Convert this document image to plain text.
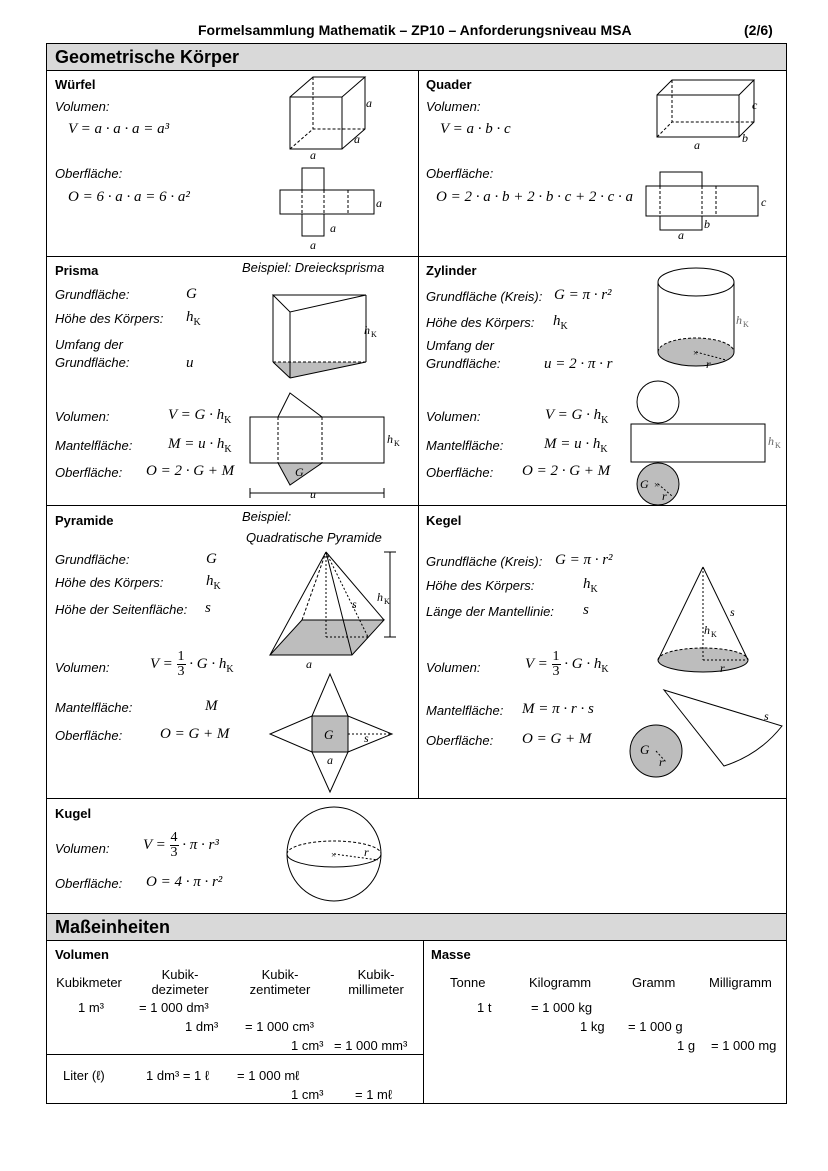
Formelsammlung Mathematik – ZP10 – Anforderungsniveau MSA	(2/6)
Geometrische Körper
Würfel
Volumen:
V = a · a · a = a³
Oberfläche:
O = 6 · a · a = 6 · a²
a
a
a
a
a
a
Quader
Volumen:
V = a · b · c
Oberfläche:
O = 2 · a · b + 2 · b · c + 2 · c · a
c
b
a
c
b
a
Prisma	Beispiel: Dreiecksprisma
Grundfläche:	G
Höhe des Körpers: $h_K$
Umfang der
Grundfläche:	u
Volumen:	$V = G \cdot h_K$
Mantelfläche: $M = u \cdot h_K$
Oberfläche: O = 2 · G + M
h K
h K
G
u
Zylinder
Grundfläche (Kreis): G = π · r²
Höhe des Körpers: $h_K$
Umfang der
Grundfläche:	u = 2 · π · r
Volumen:	$V = G \cdot h_K$
Mantelfläche:	$M = u \cdot h_K$
Oberfläche: O = 2 · G + M
×
r
h K
h K
G ×
r
Pyramide	Beispiel:
Quadratische Pyramide
Grundfläche:	G
Höhe des Körpers:	$h_K$
Höhe der Seitenfläche: s
Volumen:	$V = \frac{1}{3} \cdot G \cdot h_K$
Mantelfläche:	M
Oberfläche:	O = G + M
h K
s
a
G	s
a
Kegel
Grundfläche (Kreis): G = π · r²
Höhe des Körpers:	$h_K$
Länge der Mantellinie: s
Volumen:	$V = \frac{1}{3} \cdot G \cdot h_K$
Mantelfläche: M = π · r · s
Oberfläche: O = G + M
h K
s
r
s
G
r
Kugel
Volumen: $V = \frac{4}{3} \cdot \pi \cdot r^3$
Oberfläche: O = 4 · π · r²
× r
Maßeinheiten
Volumen
Kubikmeter
Kubik-
dezimeter
Kubik-
zentimeter
Kubik-
millimeter
1 m³	= 1 000 dm³
1 dm³ = 1 000 cm³
1 cm³ = 1 000 mm³
Liter (ℓ)	1 dm³ = 1 ℓ = 1 000 mℓ
1 cm³ = 1 mℓ
Masse
Tonne	Kilogramm	Gramm	Milligramm
1 t	= 1 000 kg
1 kg = 1 000 g
1 g = 1 000 mg
